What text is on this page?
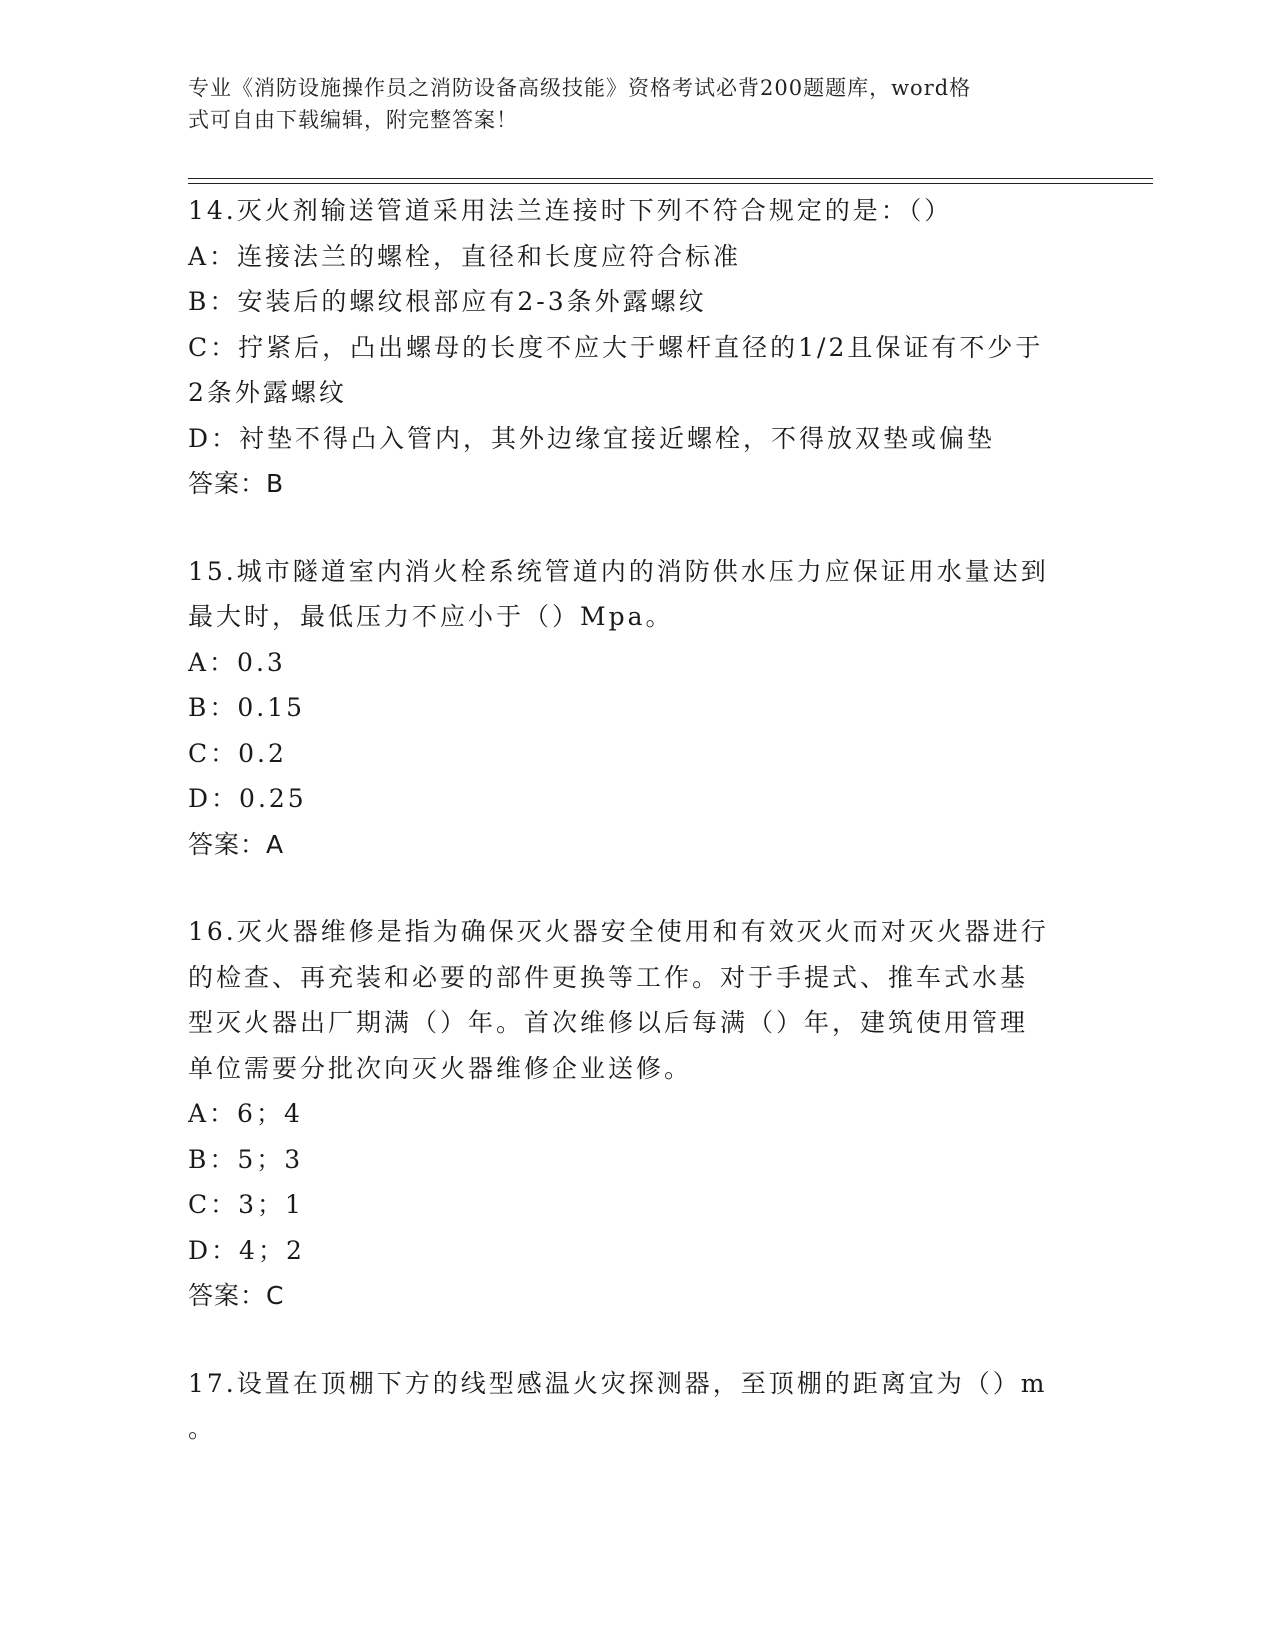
专业《消防设施操作员之消防设备高级技能》资格考试必背200题题库，word格
式可自由下载编辑，附完整答案！

14.灭火剂输送管道采用法兰连接时下列不符合规定的是：（）

A：连接法兰的螺栓，直径和长度应符合标准

B：安装后的螺纹根部应有2-3条外露螺纹

C：拧紧后，凸出螺母的长度不应大于螺杆直径的1/2且保证有不少于

2条外露螺纹

D：衬垫不得凸入管内，其外边缘宜接近螺栓，不得放双垫或偏垫

答案：B

15.城市隧道室内消火栓系统管道内的消防供水压力应保证用水量达到

最大时，最低压力不应小于（）Mpa。

A：0.3

B：0.15

C：0.2

D：0.25

答案：A

16.灭火器维修是指为确保灭火器安全使用和有效灭火而对灭火器进行

的检查、再充装和必要的部件更换等工作。对于手提式、推车式水基

型灭火器出厂期满（）年。首次维修以后每满（）年，建筑使用管理

单位需要分批次向灭火器维修企业送修。

A：6；4

B：5；3

C：3；1

D：4；2

答案：C

17.设置在顶棚下方的线型感温火灾探测器，至顶棚的距离宜为（）m

。
